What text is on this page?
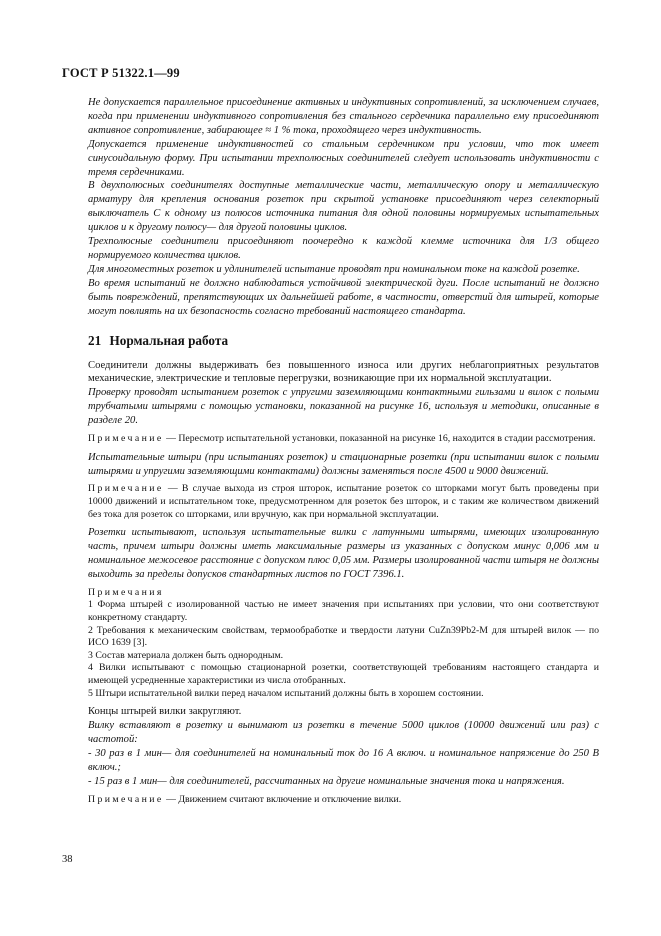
ГОСТ Р 51322.1—99

Не допускается параллельное присоединение активных и индуктивных сопротивлений, за исключением случаев, когда при применении индуктивного сопротивления без стального сердечника параллельно ему присоединяют активное сопротивление, забирающее ≈ 1 % тока, проходящего через индуктивность.

Допускается применение индуктивностей со стальным сердечником при условии, что ток имеет синусоидальную форму. При испытании трехполюсных соединителей следует использовать индуктивности с тремя сердечниками.

В двухполюсных соединителях доступные металлические части, металлическую опору и металлическую арматуру для крепления основания розеток при скрытой установке присоединяют через селекторный выключатель С к одному из полюсов источника питания для одной половины нормируемых испытательных циклов и к другому полюсу— для другой половины циклов.

Трехполюсные соединители присоединяют поочередно к каждой клемме источника для 1/3 общего нормируемого количества циклов.

Для многоместных розеток и удлинителей испытание проводят при номинальном токе на каждой розетке.

Во время испытаний не должно наблюдаться устойчивой электрической дуги. После испытаний не должно быть повреждений, препятствующих их дальнейшей работе, в частности, отверстий для штырей, которые могут повлиять на их безопасность согласно требований настоящего стандарта.

21 Нормальная работа

Соединители должны выдерживать без повышенного износа или других неблагоприятных результатов механические, электрические и тепловые перегрузки, возникающие при их нормальной эксплуатации.

Проверку проводят испытанием розеток с упругими заземляющими контактными гильзами и вилок с полыми трубчатыми штырями с помощью установки, показанной на рисунке 16, используя и методики, описанные в разделе 20.

Примечание — Пересмотр испытательной установки, показанной на рисунке 16, находится в стадии рассмотрения.

Испытательные штыри (при испытаниях розеток) и стационарные розетки (при испытании вилок с полыми штырями и упругими заземляющими контактами) должны заменяться после 4500 и 9000 движений.

Примечание — В случае выхода из строя шторок, испытание розеток со шторками могут быть проведены при 10000 движений и испытательном токе, предусмотренном для розеток без шторок, и с таким же количеством движений без тока для розеток со шторками, или вручную, как при нормальной эксплуатации.

Розетки испытывают, используя испытательные вилки с латунными штырями, имеющих изолированную часть, причем штыри должны иметь максимальные размеры из указанных с допуском минус 0,006 мм и номинальное межосевое расстояние с допуском плюс 0,05 мм. Размеры изолированной части штыря не должны выходить за пределы допусков стандартных листов по ГОСТ 7396.1.

Примечания

1 Форма штырей с изолированной частью не имеет значения при испытаниях при условии, что они соответствуют конкретному стандарту.

2 Требования к механическим свойствам, термообработке и твердости латуни CuZn39Pb2-M для штырей вилок — по ИСО 1639 [3].

3 Состав материала должен быть однородным.

4 Вилки испытывают с помощью стационарной розетки, соответствующей требованиям настоящего стандарта и имеющей усредненные характеристики из числа отобранных.

5 Штыри испытательной вилки перед началом испытаний должны быть в хорошем состоянии.

Концы штырей вилки закругляют.

Вилку вставляют в розетку и вынимают из розетки в течение 5000 циклов (10000 движений или раз) с частотой:

- 30 раз в 1 мин— для соединителей на номинальный ток до 16 А включ. и номинальное напряжение до 250 В включ.;

- 15 раз в 1 мин— для соединителей, рассчитанных на другие номинальные значения тока и напряжения.

Примечание — Движением считают включение и отключение вилки.

38
